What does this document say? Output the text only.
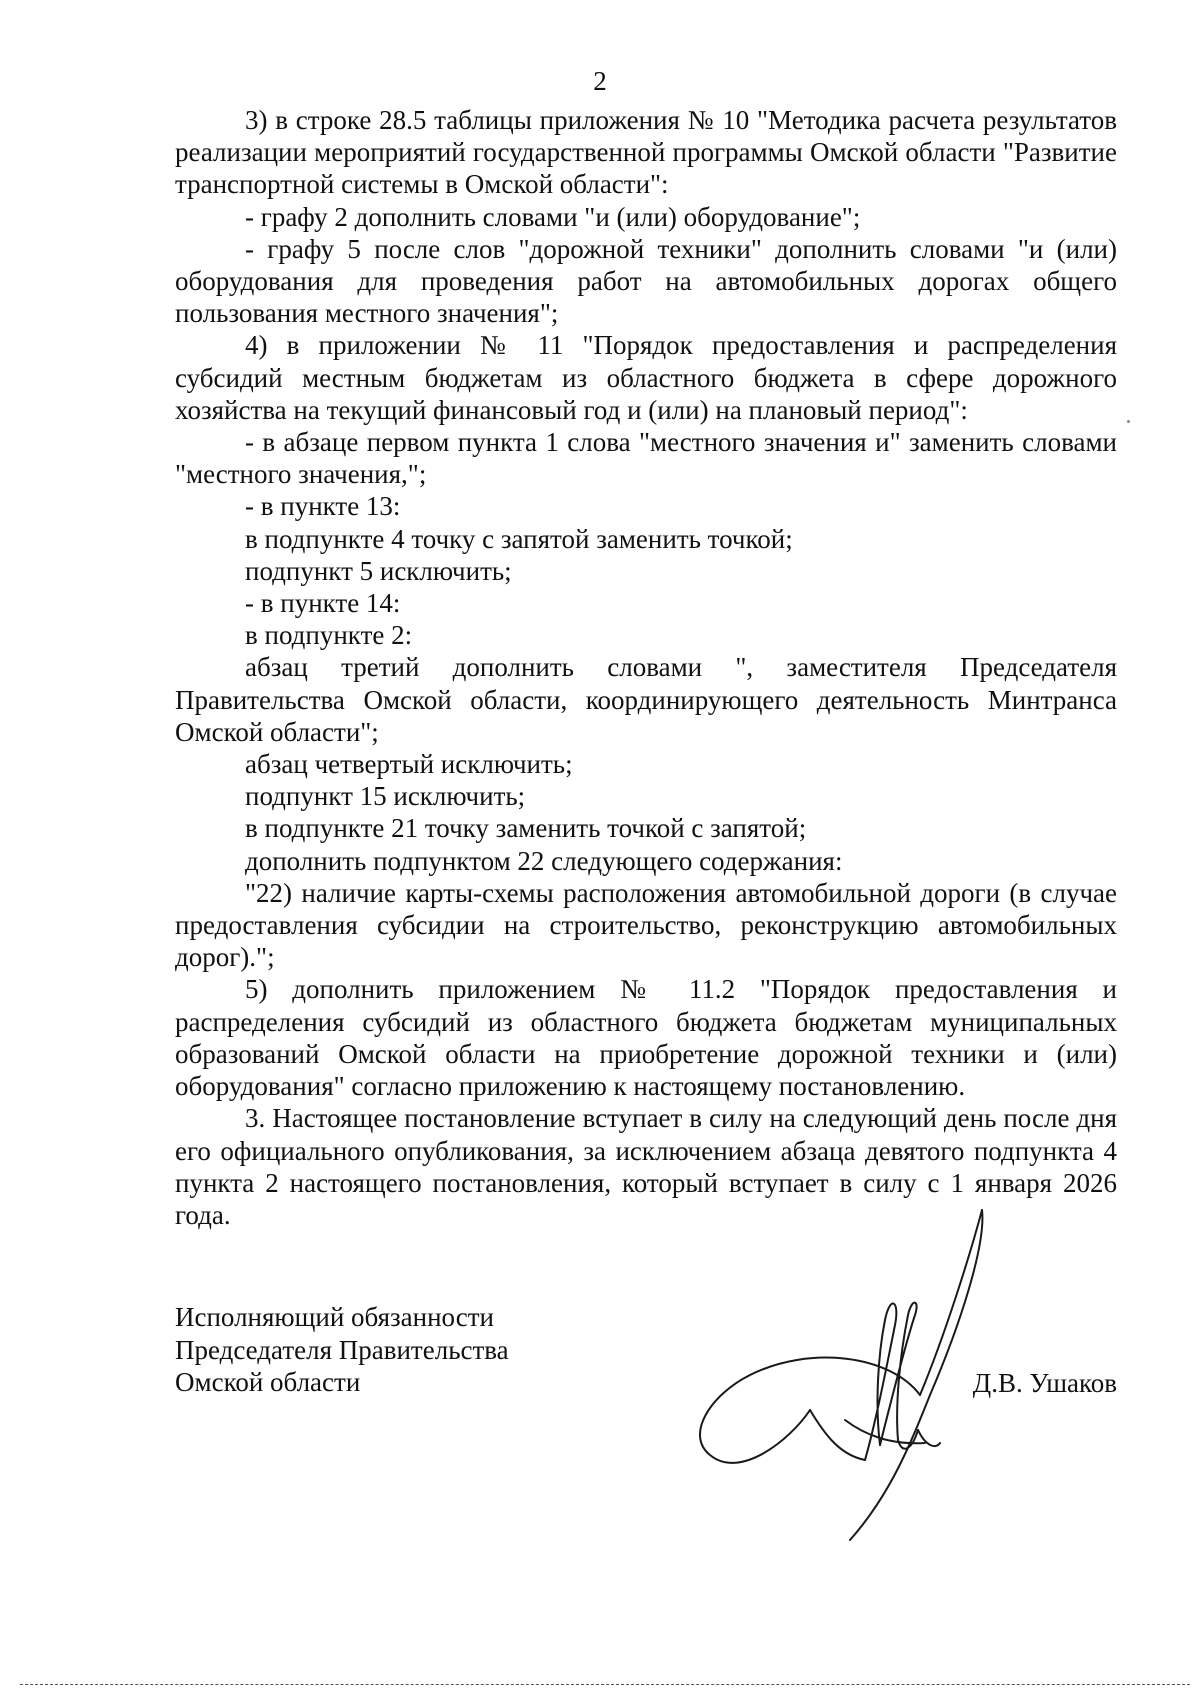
2

3) в строке 28.5 таблицы приложения № 10 "Методика расчета результатов реализации мероприятий государственной программы Омской области "Развитие транспортной системы в Омской области":

- графу 2 дополнить словами "и (или) оборудование";

- графу 5 после слов "дорожной техники" дополнить словами "и (или) оборудования для проведения работ на автомобильных дорогах общего пользования местного значения";

4) в приложении № 11 "Порядок предоставления и распределения субсидий местным бюджетам из областного бюджета в сфере дорожного хозяйства на текущий финансовый год и (или) на плановый период":

- в абзаце первом пункта 1 слова "местного значения и" заменить словами "местного значения,";

- в пункте 13:

в подпункте 4 точку с запятой заменить точкой;

подпункт 5 исключить;

- в пункте 14:

в подпункте 2:

абзац третий дополнить словами ", заместителя Председателя Правительства Омской области, координирующего деятельность Минтранса Омской области";

абзац четвертый исключить;

подпункт 15 исключить;

в подпункте 21 точку заменить точкой с запятой;

дополнить подпунктом 22 следующего содержания:

"22) наличие карты-схемы расположения автомобильной дороги (в случае предоставления субсидии на строительство, реконструкцию автомобильных дорог).";

5) дополнить приложением № 11.2 "Порядок предоставления и распределения субсидий из областного бюджета бюджетам муниципальных образований Омской области на приобретение дорожной техники и (или) оборудования" согласно приложению к настоящему постановлению.

3. Настоящее постановление вступает в силу на следующий день после дня его официального опубликования, за исключением абзаца девятого подпункта 4 пункта 2 настоящего постановления, который вступает в силу с 1 января 2026 года.

Исполняющий обязанности
Председателя Правительства
Омской области	Д.В. Ушаков
